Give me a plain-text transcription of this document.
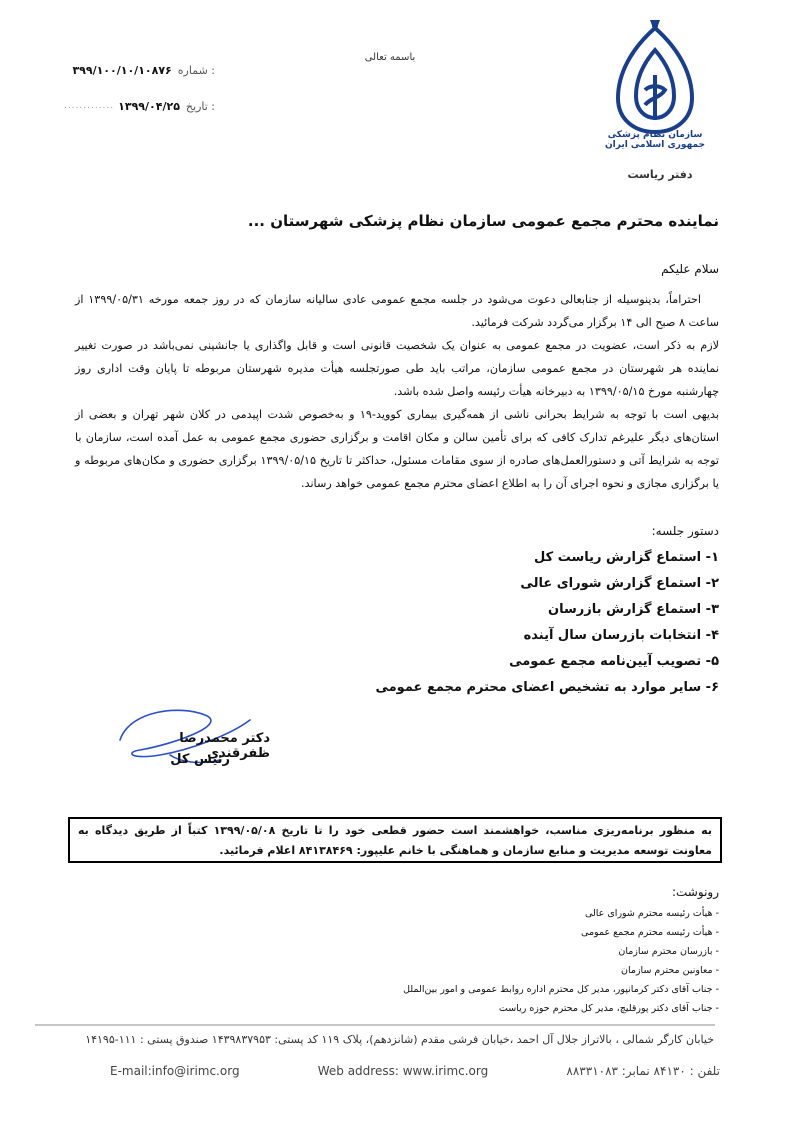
باسمه تعالی
شماره :
۳۹۹/۱۰۰/۱۰/۱۰۸۷۶
تاریخ :
۱۳۹۹/۰۴/۲۵
.............
سازمان نظام پزشکی جمهوری اسلامی ایران
دفتر ریاست
نماینده محترم مجمع عمومی سازمان نظام پزشکی شهرستان ...
سلام علیکم

احتراماً، بدینوسیله از جنابعالی دعوت می‌شود در جلسه مجمع عمومی عادی سالیانه سازمان که در روز جمعه مورخه ۱۳۹۹/۰۵/۳۱ از ساعت ۸ صبح الی ۱۴ برگزار می‌گردد شرکت فرمائید.

لازم به ذکر است، عضویت در مجمع عمومی به عنوان یک شخصیت قانونی است و قابل واگذاری یا جانشینی نمی‌باشد در صورت تغییر نماینده هر شهرستان در مجمع عمومی سازمان، مراتب باید طی صورتجلسه هیأت مدیره شهرستان مربوطه تا پایان وقت اداری روز چهارشنبه مورخ ۱۳۹۹/۰۵/۱۵ به دبیرخانه هیأت رئیسه واصل شده باشد.

بدیهی است با توجه به شرایط بحرانی ناشی از همه‌گیری بیماری کووید-۱۹ و به‌خصوص شدت اپیدمی در کلان شهر تهران و بعضی از استان‌های دیگر علیرغم تدارک کافی که برای تأمین سالن و مکان اقامت و برگزاری حضوری مجمع عمومی به عمل آمده است، سازمان با توجه به شرایط آتی و دستورالعمل‌های صادره از سوی مقامات مسئول، حداکثر تا تاریخ ۱۳۹۹/۰۵/۱۵ برگزاری حضوری و مکان‌های مربوطه و یا برگزاری مجازی و نحوه اجرای آن را به اطلاع اعضای محترم مجمع عمومی خواهد رساند.

دستور جلسه:
۱- استماع گزارش ریاست کل
۲- استماع گزارش شورای عالی
۳- استماع گزارش بازرسان
۴- انتخابات بازرسان سال آینده
۵- تصویب آیین‌نامه مجمع عمومی
۶- سایر موارد به تشخیص اعضای محترم مجمع عمومی
دکتر محمدرضا ظفرقندی
رئیس کل
به منظور برنامه‌ریزی مناسب، خواهشمند است حضور قطعی خود را تا تاریخ ۱۳۹۹/۰۵/۰۸ کتباً از طریق دیدگاه به معاونت توسعه مدیریت و منابع سازمان و هماهنگی با خانم علیپور: ۸۴۱۳۸۴۶۹ اعلام فرمائید.
رونوشت:
- هیأت رئیسه محترم شورای عالی
- هیأت رئیسه محترم مجمع عمومی
- بازرسان محترم سازمان
- معاونین محترم سازمان
- جناب آقای دکتر کرمانپور، مدیر کل محترم اداره روابط عمومی و امور بین‌الملل
- جناب آقای دکتر پورقلیچ، مدیر کل محترم حوزه ریاست
خیابان کارگر شمالی ، بالاتراز جلال آل احمد ،خیابان فرشی مقدم (شانزدهم)، پلاک ۱۱۹ کد پستی: ۱۴۳۹۸۳۷۹۵۳ صندوق پستی : ۱۱۱-۱۴۱۹۵
E-mail:info@irimc.org	Web address: www.irimc.org	تلفن : ۸۴۱۳۰ نمابر: ۸۸۳۳۱۰۸۳
